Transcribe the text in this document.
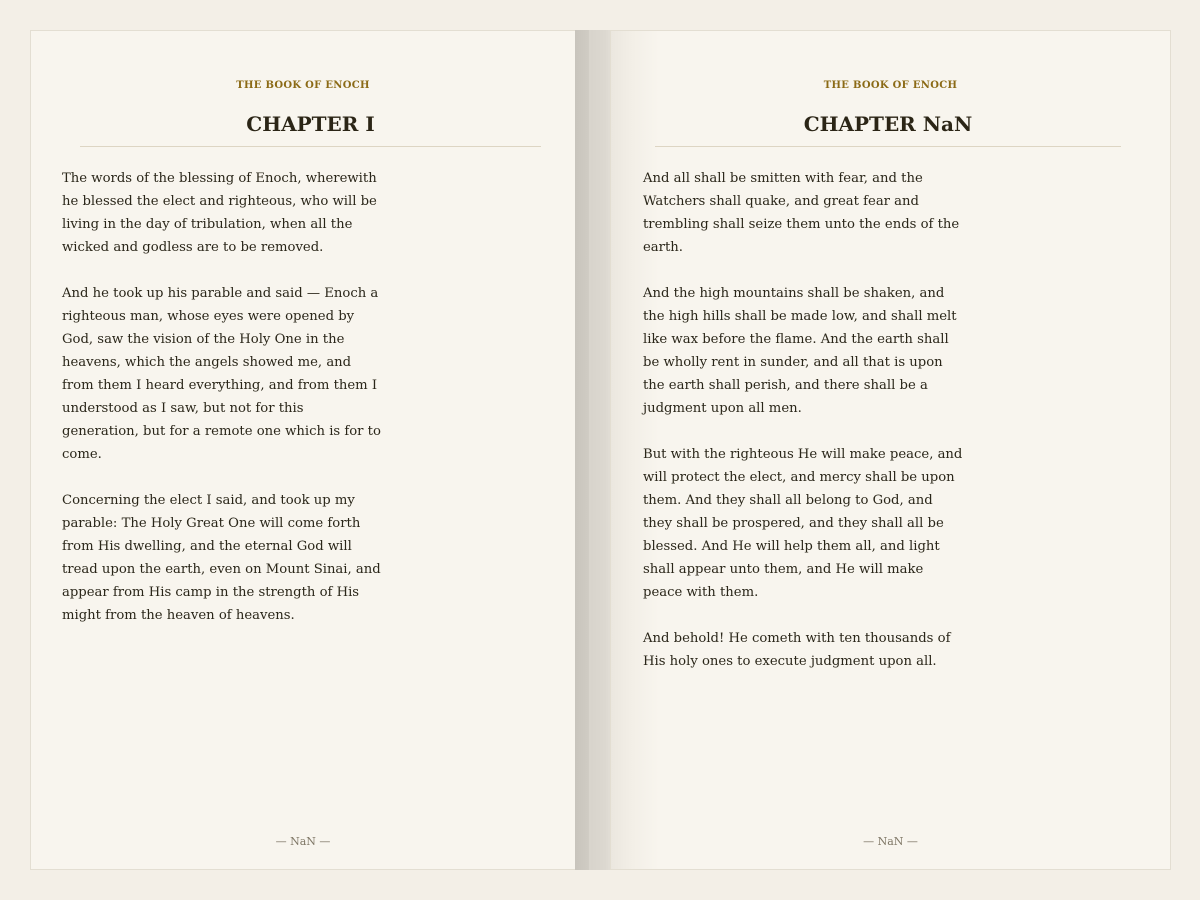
THE BOOK OF ENOCH
CHAPTER I

The words of the blessing of Enoch, wherewith he blessed the elect and righteous, who will be living in the day of tribulation, when all the wicked and godless are to be removed.

And he took up his parable and said — Enoch a righteous man, whose eyes were opened by God, saw the vision of the Holy One in the heavens, which the angels showed me, and from them I heard everything, and from them I understood as I saw, but not for this generation, but for a remote one which is for to come.

Concerning the elect I said, and took up my parable: The Holy Great One will come forth from His dwelling, and the eternal God will tread upon the earth, even on Mount Sinai, and appear from His camp in the strength of His might from the heaven of heavens.

— NaN —
THE BOOK OF ENOCH
CHAPTER NaN

And all shall be smitten with fear, and the Watchers shall quake, and great fear and trembling shall seize them unto the ends of the earth.

And the high mountains shall be shaken, and the high hills shall be made low, and shall melt like wax before the flame. And the earth shall be wholly rent in sunder, and all that is upon the earth shall perish, and there shall be a judgment upon all men.

But with the righteous He will make peace, and will protect the elect, and mercy shall be upon them. And they shall all belong to God, and they shall be prospered, and they shall all be blessed. And He will help them all, and light shall appear unto them, and He will make peace with them.

And behold! He cometh with ten thousands of His holy ones to execute judgment upon all.

— NaN —
